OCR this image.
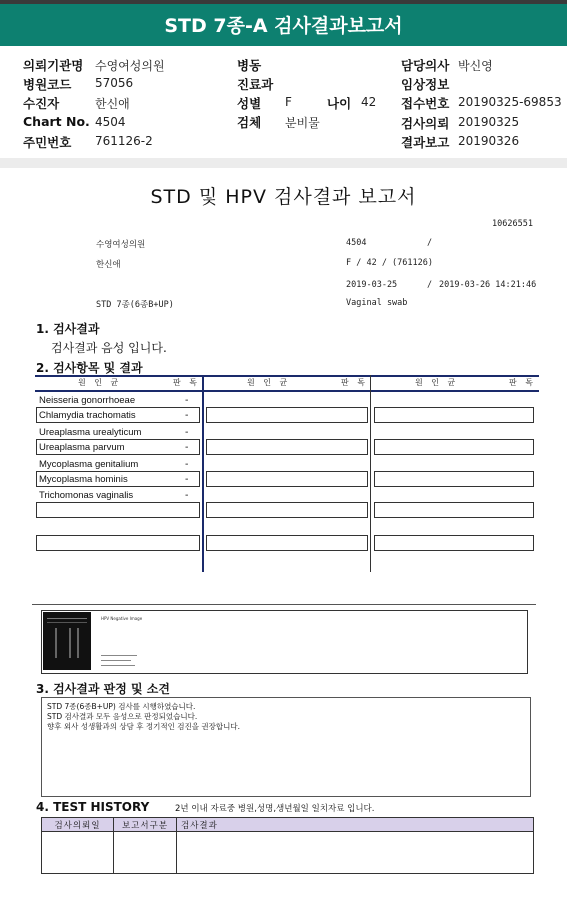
STD 7종-A 검사결과보고서
의뢰기관명 수영여성의원	병동	담당의사 박신영
병원코드 57056	진료과	임상정보
수진자	한신애	성별 F	나이 42 접수번호 20190325-69853
Chart No. 4504	검체 분비물	검사의뢰 20190325
주민번호 761126-2	결과보고 20190326
STD 및 HPV 검사결과 보고서
10626551
수영여성의원	4504	/
한신애	F / 42 / (761126)
2019-03-25	/ 2019-03-26 14:21:46
STD 7종(6종B+UP)	Vaginal swab
1. 검사결과
검사결과 음성 입니다.
2. 검사항목 및 결과
원 인 균	판 독	원 인 균	판 독	원 인 균	판 독
Neisseria gonorrhoeae	-
Chlamydia trachomatis	-
Ureaplasma urealyticum	-
Ureaplasma parvum	-
Mycoplasma genitalium	-
Mycoplasma hominis	-
Trichomonas vaginalis	-
HPV Negative Image
3. 검사결과 판정 및 소견
STD 7종(6종B+UP) 검사를 시행하였습니다.
STD 검사결과 모두 음성으로 판정되었습니다.
향후 외사 성생활과의 상담 후 정기적인 검진을 권장합니다.
4. TEST HISTORY	2년 이내 자료중 병원,성명,생년월일 일치자료 입니다.
검사의뢰일	보고서구분	검사결과
